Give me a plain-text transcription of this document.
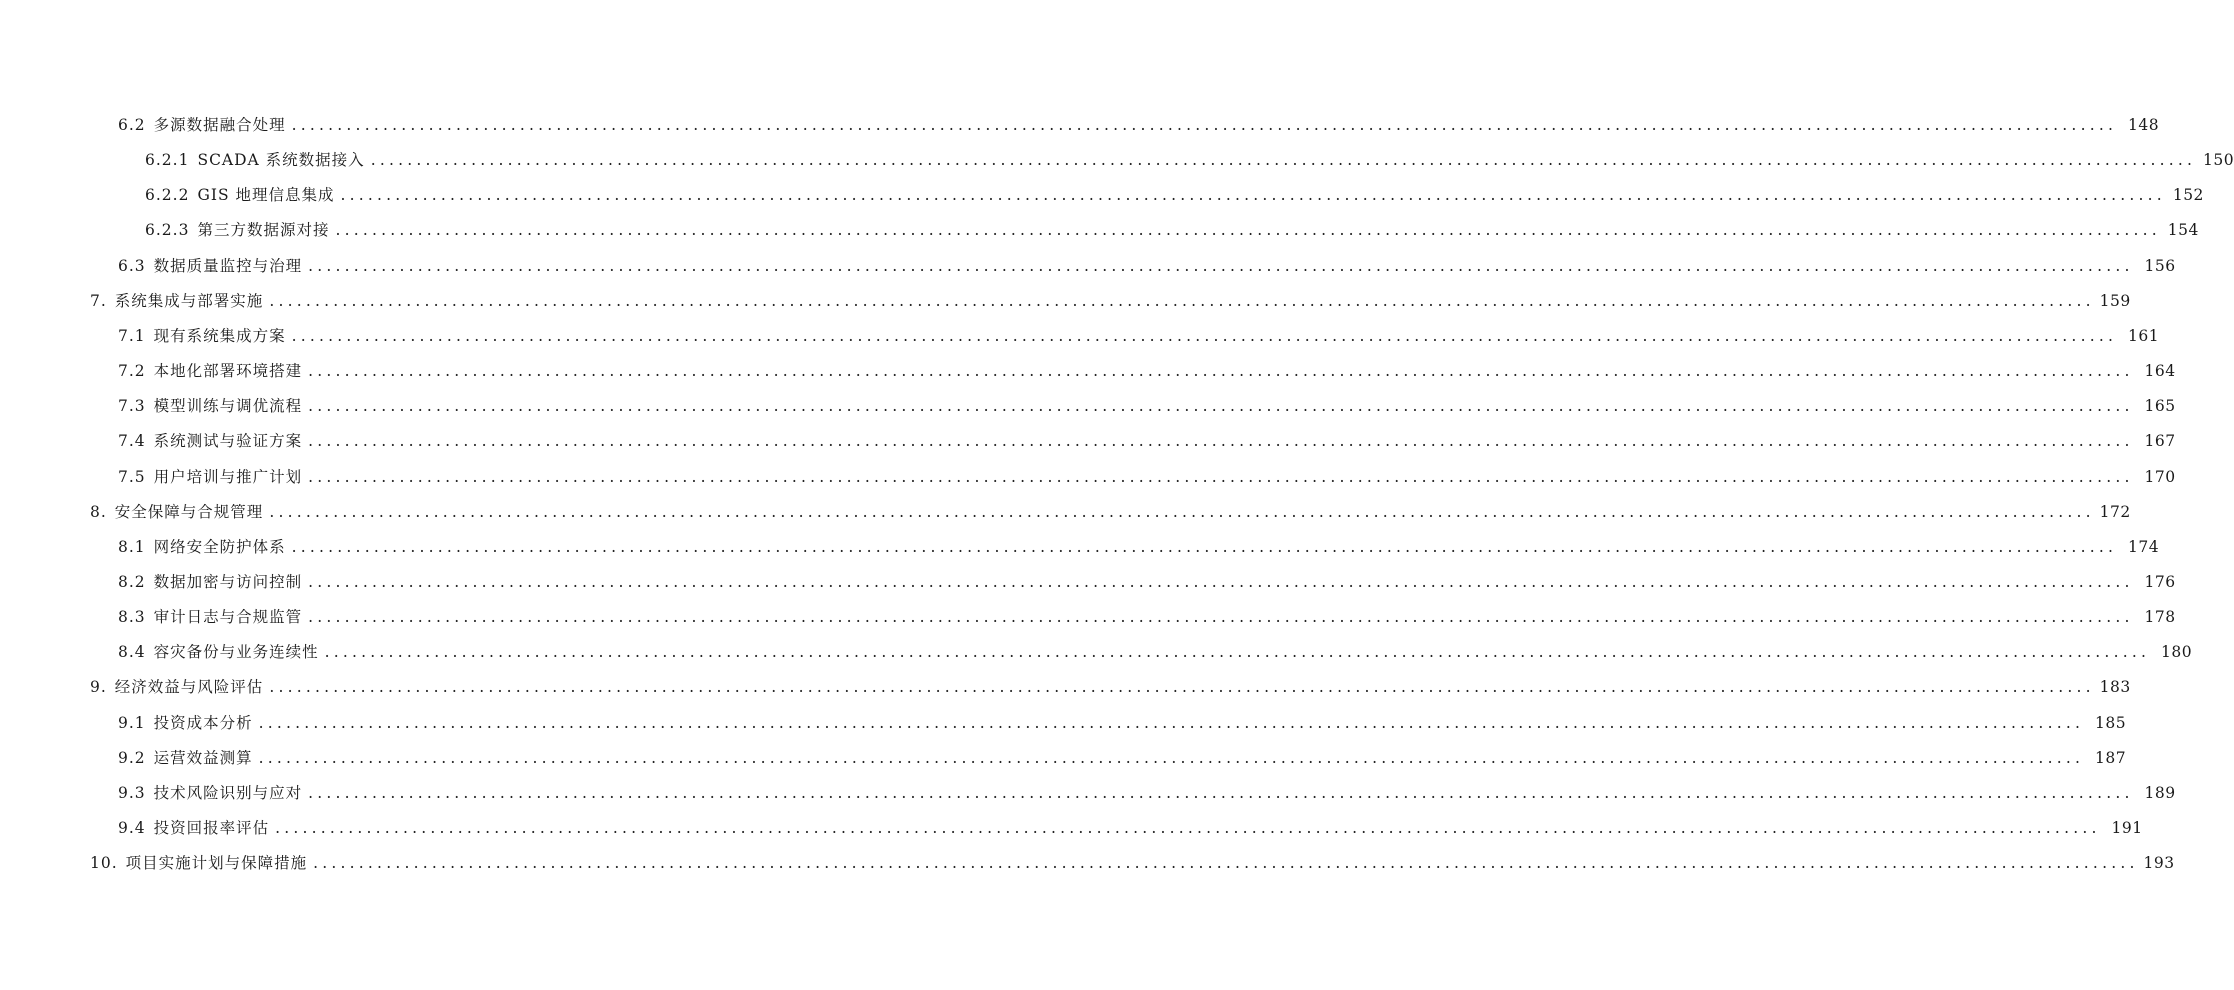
6.2 多源数据融合处理 ........................................................................................................................................................................................................ 148
6.2.1 SCADA 系统数据接入 ........................................................................................................................................................................................................ 150
6.2.2 GIS 地理信息集成 ........................................................................................................................................................................................................ 152
6.2.3 第三方数据源对接 ........................................................................................................................................................................................................ 154
6.3 数据质量监控与治理 ........................................................................................................................................................................................................ 156
7. 系统集成与部署实施 ........................................................................................................................................................................................................ 159
7.1 现有系统集成方案 ........................................................................................................................................................................................................ 161
7.2 本地化部署环境搭建 ........................................................................................................................................................................................................ 164
7.3 模型训练与调优流程 ........................................................................................................................................................................................................ 165
7.4 系统测试与验证方案 ........................................................................................................................................................................................................ 167
7.5 用户培训与推广计划 ........................................................................................................................................................................................................ 170
8. 安全保障与合规管理 ........................................................................................................................................................................................................ 172
8.1 网络安全防护体系 ........................................................................................................................................................................................................ 174
8.2 数据加密与访问控制 ........................................................................................................................................................................................................ 176
8.3 审计日志与合规监管 ........................................................................................................................................................................................................ 178
8.4 容灾备份与业务连续性 ........................................................................................................................................................................................................ 180
9. 经济效益与风险评估 ........................................................................................................................................................................................................ 183
9.1 投资成本分析 ........................................................................................................................................................................................................ 185
9.2 运营效益测算 ........................................................................................................................................................................................................ 187
9.3 技术风险识别与应对 ........................................................................................................................................................................................................ 189
9.4 投资回报率评估 ........................................................................................................................................................................................................ 191
10. 项目实施计划与保障措施 ........................................................................................................................................................................................................ 193
